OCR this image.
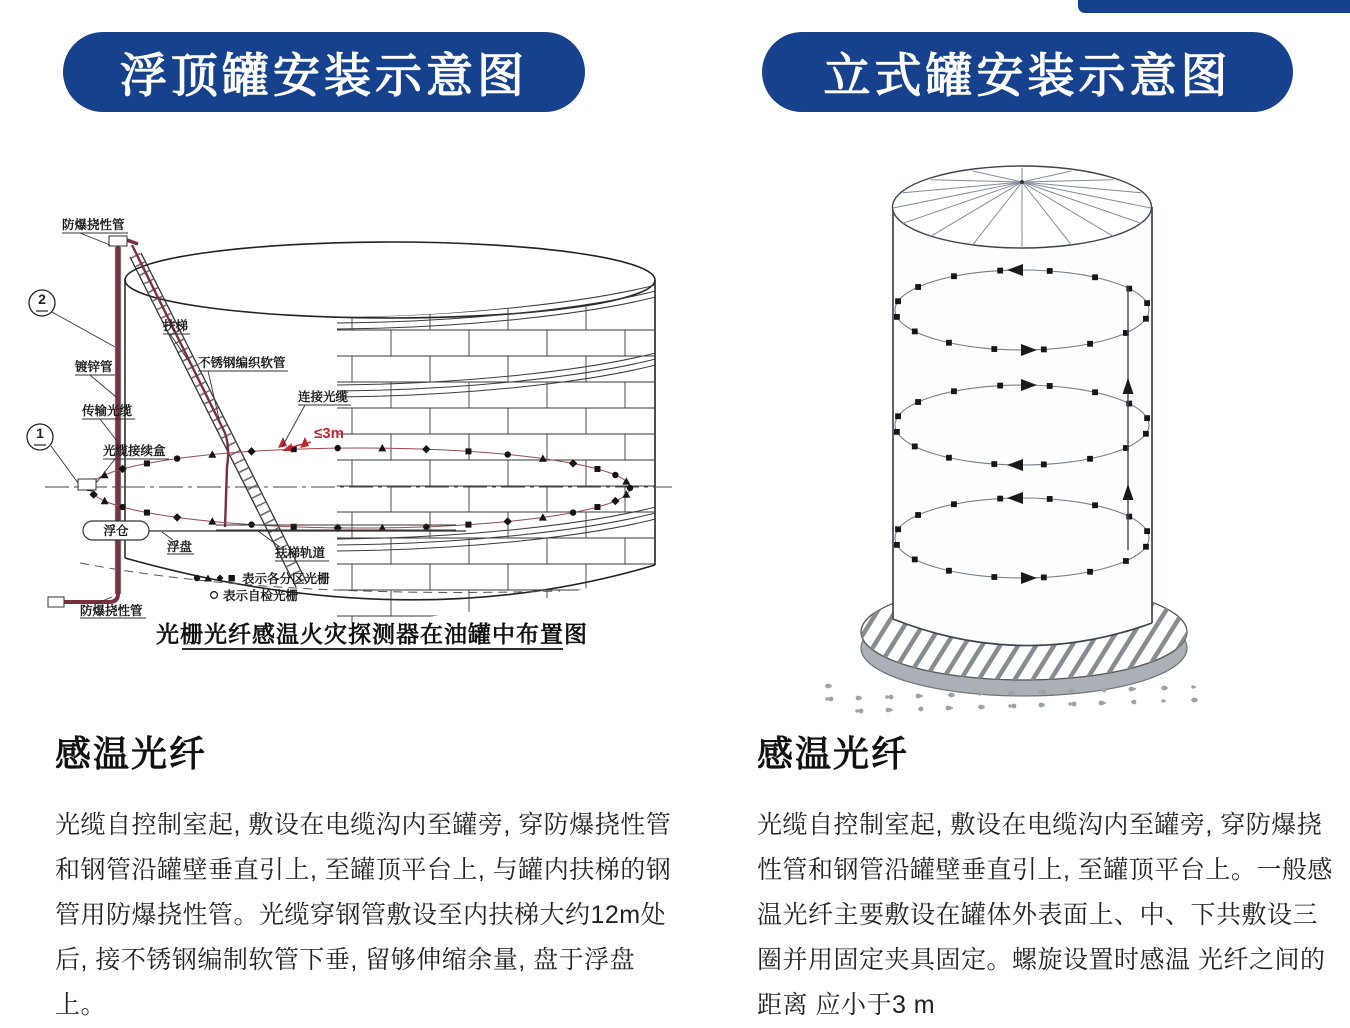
浮顶罐安装示意图	立式罐安装示意图
≤3m
2
1
防爆挠性管
扶梯
镀锌管	不锈钢编织软管
传输光缆
连接光缆
光缆接续盒
浮仓
浮盘	扶梯轨道
表示各分区光栅
表示自检光栅
防爆挠性管
光栅光纤感温火灾探测器在油罐中布置图
感温光纤

光缆自控制室起, 敷设在电缆沟内至罐旁, 穿防爆挠性管和钢管沿罐壁垂直引上, 至罐顶平台上, 与罐内扶梯的钢管用防爆挠性管。光缆穿钢管敷设至内扶梯大约12m处后, 接不锈钢编制软管下垂, 留够伸缩余量, 盘于浮盘上。

感温光纤

光缆自控制室起, 敷设在电缆沟内至罐旁, 穿防爆挠性管和钢管沿罐壁垂直引上, 至罐顶平台上。一般感温光纤主要敷设在罐体外表面上、中、下共敷设三圈并用固定夹具固定。螺旋设置时感温 光纤之间的距离 应小于3 m
